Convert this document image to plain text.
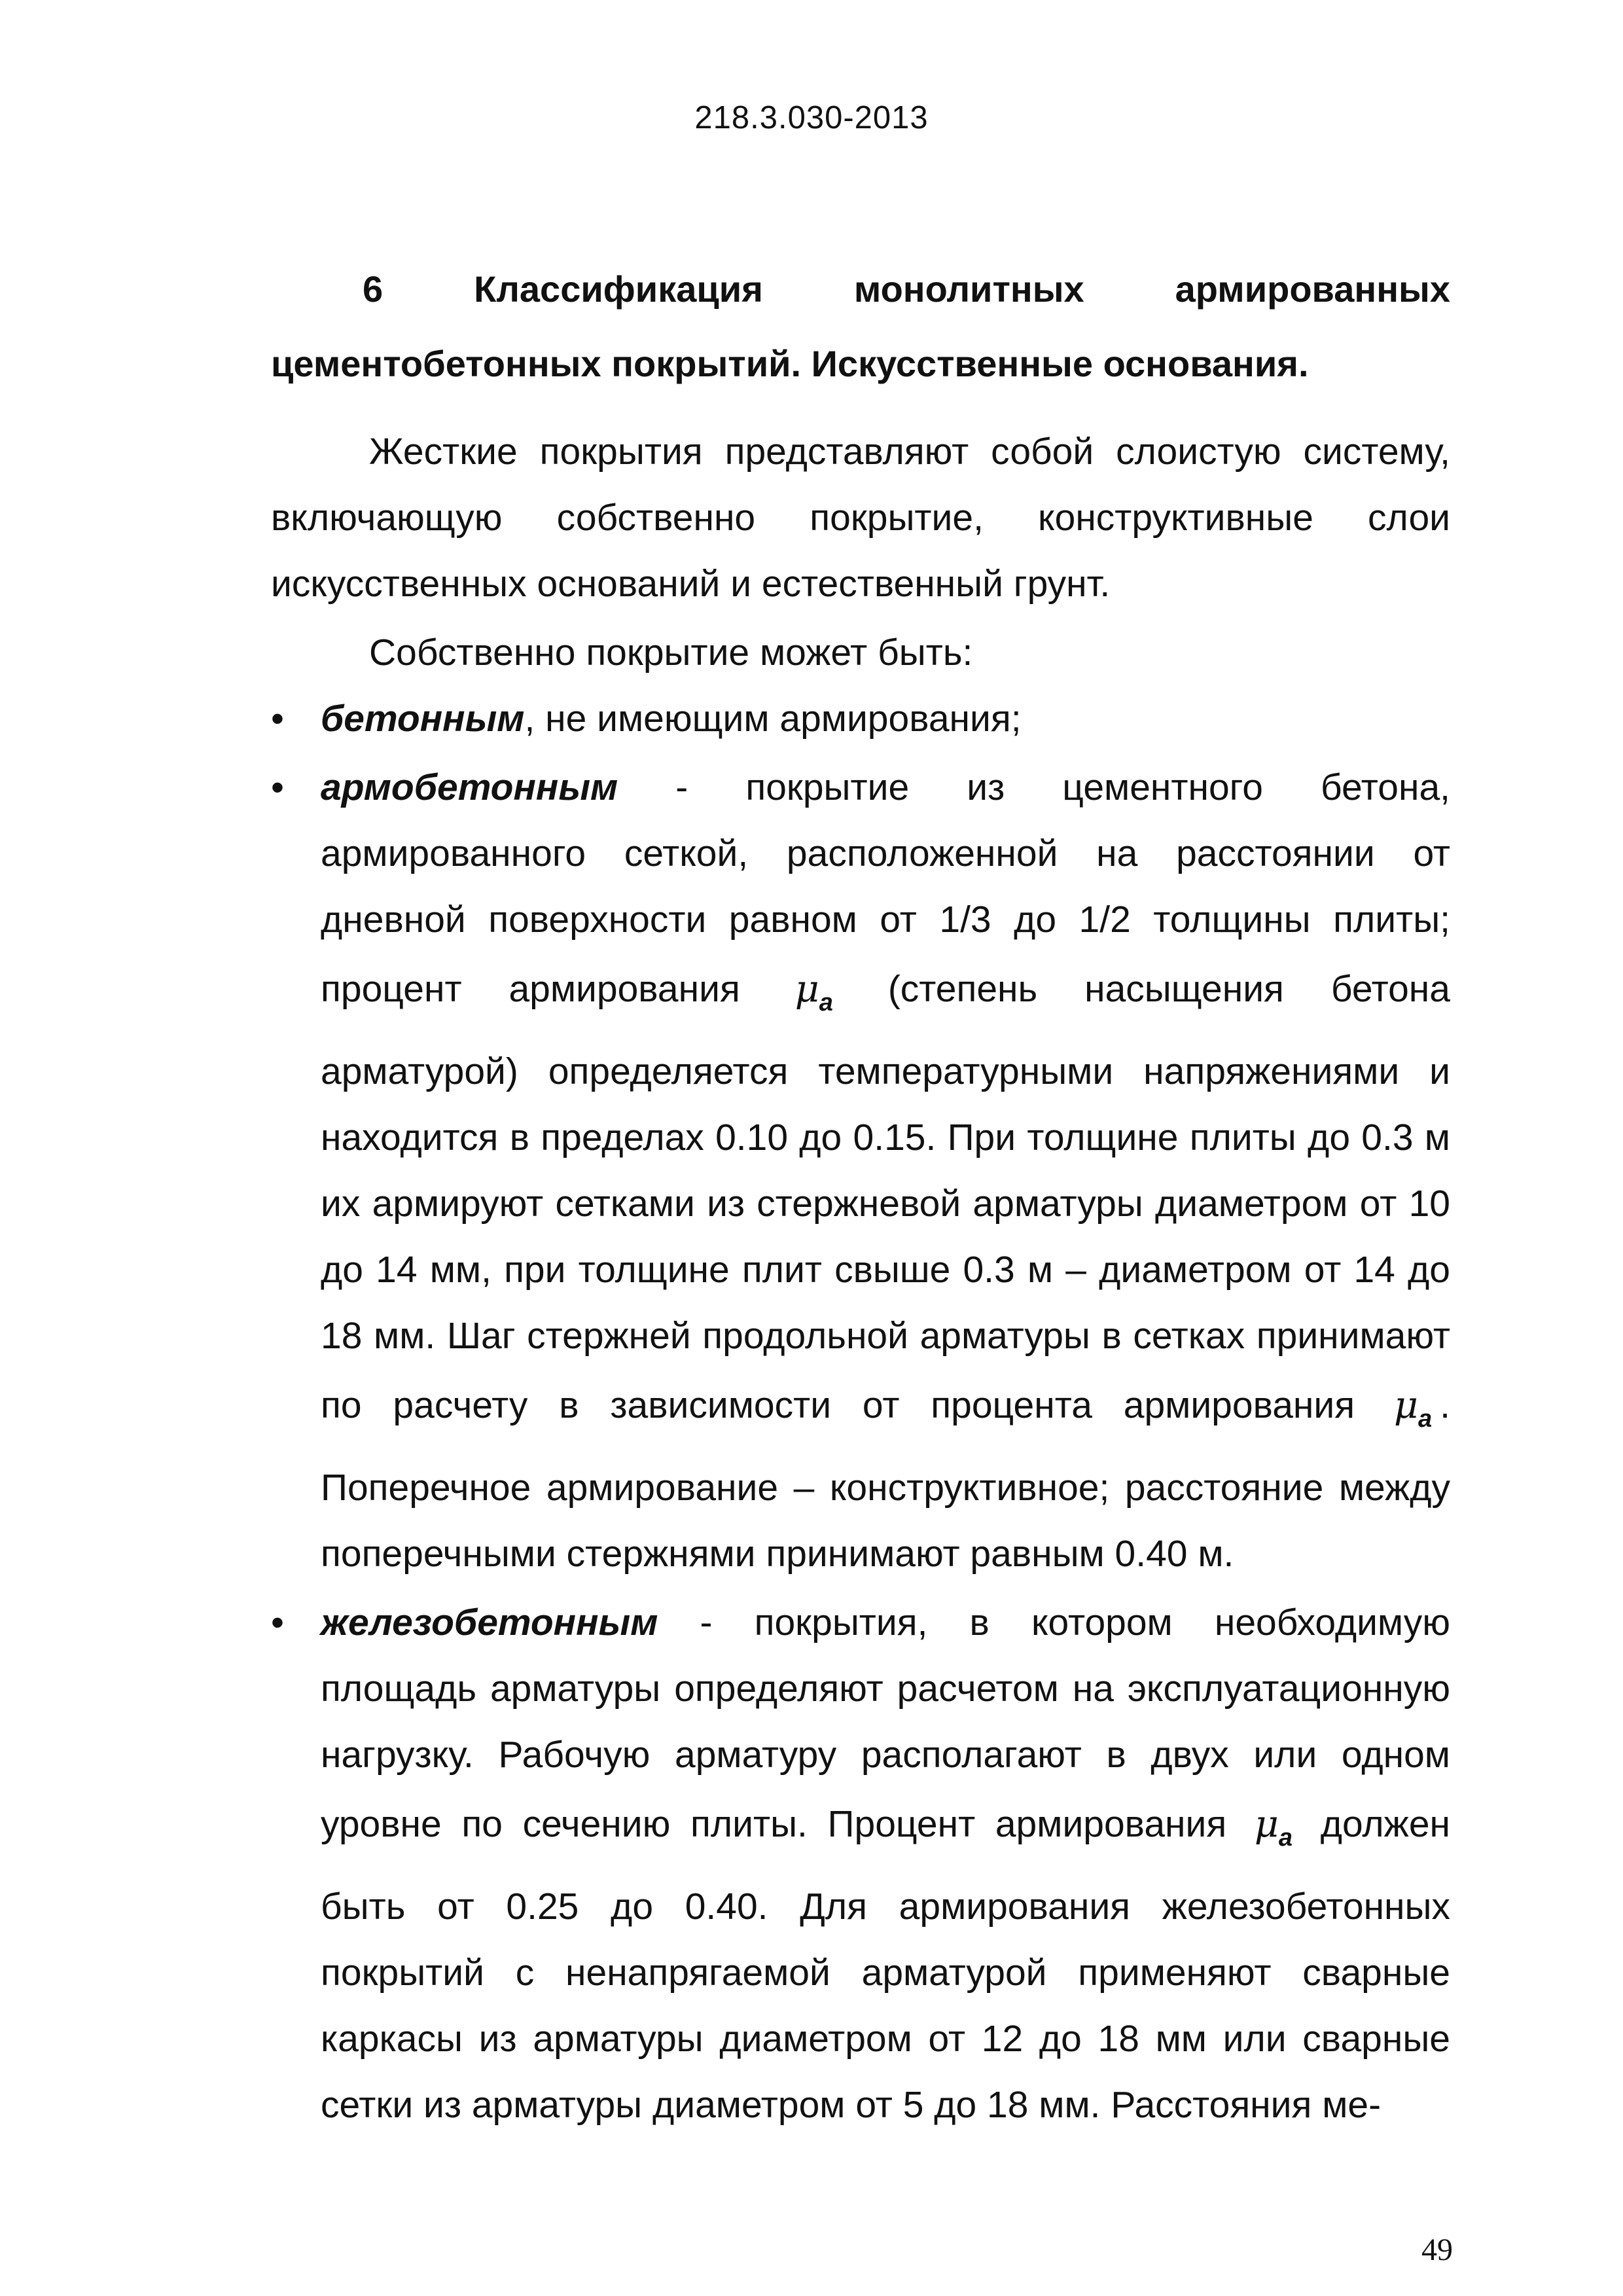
218.3.030-2013
6 Классификация монолитных армированных
цементобетонных покрытий. Искусственные основания.

Жесткие покрытия представляют собой слоистую систему, включающую собственно покрытие, конструктивные слои искусственных оснований и естественный грунт.

Собственно покрытие может быть:

• бетонным, не имеющим армирования;
• армобетонным - покрытие из цементного бетона, армированного сеткой, расположенной на расстоянии от дневной поверхности равном от 1/3 до 1/2 толщины плиты; процент армирования $\mu_a$ (степень насыщения бетона арматурой) определяется температурными напряжениями и находится в пределах 0.10 до 0.15. При толщине плиты до 0.3 м их армируют сетками из стержневой арматуры диаметром от 10 до 14 мм, при толщине плит свыше 0.3 м – диаметром от 14 до 18 мм. Шаг стержней продольной арматуры в сетках принимают по расчету в зависимости от процента армирования $\mu_a$ . Поперечное армирование – конструктивное; расстояние между поперечными стержнями принимают равным 0.40 м.
• железобетонным - покрытия, в котором необходимую площадь арматуры определяют расчетом на эксплуатационную нагрузку. Рабочую арматуру располагают в двух или одном уровне по сечению плиты. Процент армирования $\mu_a$ должен быть от 0.25 до 0.40. Для армирования железобетонных покрытий с ненапрягаемой арматурой применяют сварные каркасы из арматуры диаметром от 12 до 18 мм или сварные сетки из арматуры диаметром от 5 до 18 мм. Расстояния ме-
49
